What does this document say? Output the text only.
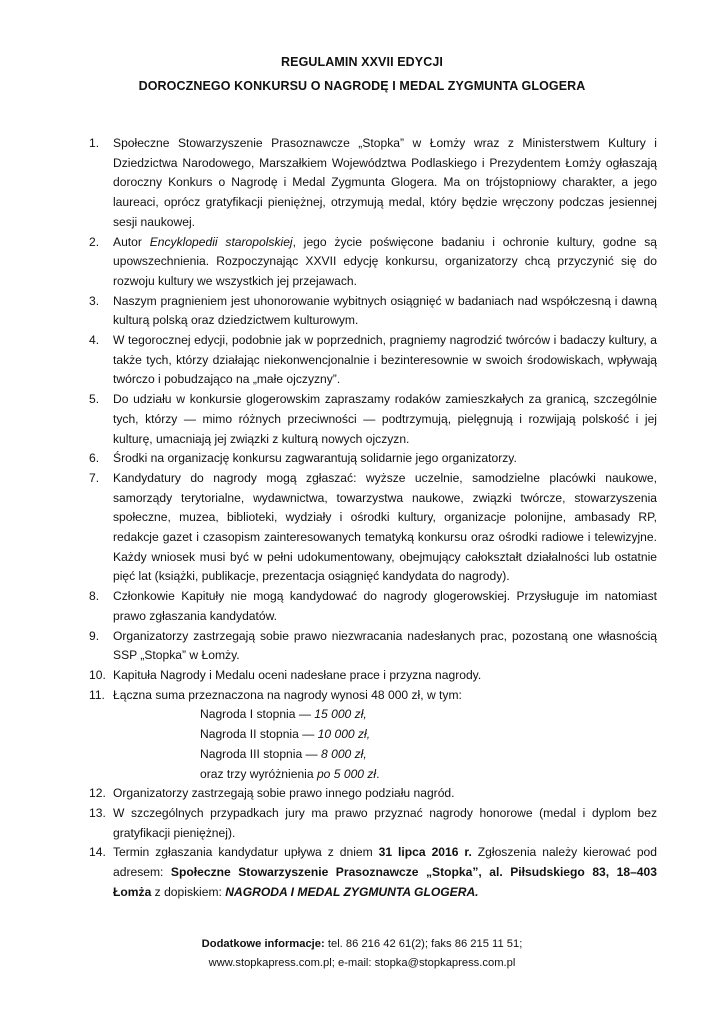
REGULAMIN XXVII EDYCJI
DOROCZNEGO KONKURSU O NAGRODĘ I MEDAL ZYGMUNTA GLOGERA
1. Społeczne Stowarzyszenie Prasoznawcze „Stopka” w Łomży wraz z Ministerstwem Kultury i Dziedzictwa Narodowego, Marszałkiem Województwa Podlaskiego i Prezydentem Łomży ogłaszają doroczny Konkurs o Nagrodę i Medal Zygmunta Glogera. Ma on trójstopniowy charakter, a jego laureaci, oprócz gratyfikacji pieniężnej, otrzymują medal, który będzie wręczony podczas jesiennej sesji naukowej.
2. Autor Encyklopedii staropolskiej, jego życie poświęcone badaniu i ochronie kultury, godne są upowszechnienia. Rozpoczynając XXVII edycję konkursu, organizatorzy chcą przyczynić się do rozwoju kultury we wszystkich jej przejawach.
3. Naszym pragnieniem jest uhonorowanie wybitnych osiągnięć w badaniach nad współczesną i dawną kulturą polską oraz dziedzictwem kulturowym.
4. W tegorocznej edycji, podobnie jak w poprzednich, pragniemy nagrodzić twórców i badaczy kultury, a także tych, którzy działając niekonwencjonalnie i bezinteresownie w swoich środowiskach, wpływają twórczo i pobudzająco na „małe ojczyzny”.
5. Do udziału w konkursie glogerowskim zapraszamy rodaków zamieszkałych za granicą, szczególnie tych, którzy — mimo różnych przeciwności — podtrzymują, pielęgnują i rozwijają polskość i jej kulturę, umacniają jej związki z kulturą nowych ojczyzn.
6. Środki na organizację konkursu zagwarantują solidarnie jego organizatorzy.
7. Kandydatury do nagrody mogą zgłaszać: wyższe uczelnie, samodzielne placówki naukowe, samorządy terytorialne, wydawnictwa, towarzystwa naukowe, związki twórcze, stowarzyszenia społeczne, muzea, biblioteki, wydziały i ośrodki kultury, organizacje polonijne, ambasady RP, redakcje gazet i czasopism zainteresowanych tematyką konkursu oraz ośrodki radiowe i telewizyjne. Każdy wniosek musi być w pełni udokumentowany, obejmujący całokształt działalności lub ostatnie pięć lat (książki, publikacje, prezentacja osiągnięć kandydata do nagrody).
8. Członkowie Kapituły nie mogą kandydować do nagrody glogerowskiej. Przysługuje im natomiast prawo zgłaszania kandydatów.
9. Organizatorzy zastrzegają sobie prawo niezwracania nadesłanych prac, pozostaną one własnością SSP „Stopka” w Łomży.
10. Kapituła Nagrody i Medalu oceni nadesłane prace i przyzna nagrody.
11. Łączna suma przeznaczona na nagrody wynosi 48 000 zł, w tym:
Nagroda I stopnia — 15 000 zł,
Nagroda II stopnia — 10 000 zł,
Nagroda III stopnia — 8 000 zł,
oraz trzy wyróżnienia po 5 000 zł.
12. Organizatorzy zastrzegają sobie prawo innego podziału nagród.
13. W szczególnych przypadkach jury ma prawo przyznać nagrody honorowe (medal i dyplom bez gratyfikacji pieniężnej).
14. Termin zgłaszania kandydatur upływa z dniem 31 lipca 2016 r. Zgłoszenia należy kierować pod adresem: Społeczne Stowarzyszenie Prasoznawcze „Stopka”, al. Piłsudskiego 83, 18–403 Łomża z dopiskiem: NAGRODA I MEDAL ZYGMUNTA GLOGERA.
Dodatkowe informacje: tel. 86 216 42 61(2); faks 86 215 11 51;
www.stopkapress.com.pl; e-mail: stopka@stopkapress.com.pl
